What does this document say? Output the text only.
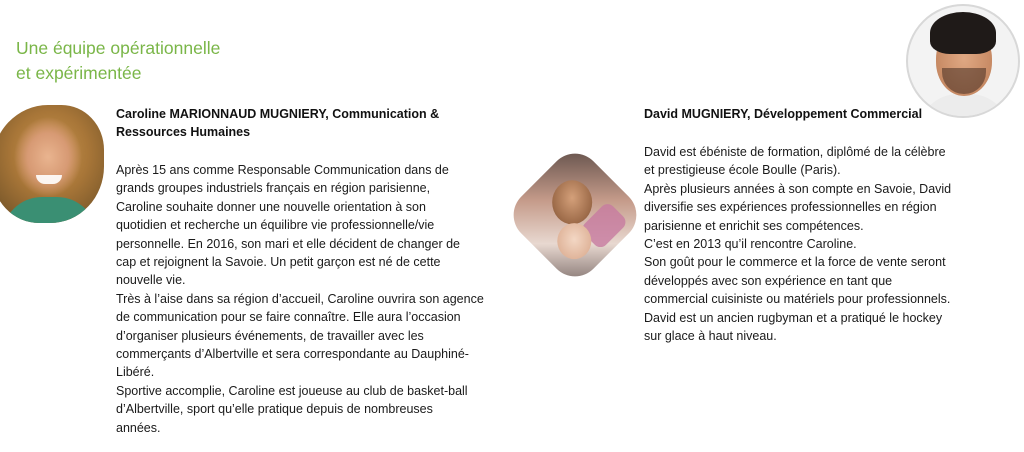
Une équipe opérationnelle
et expérimentée
Caroline MARIONNAUD MUGNIERY, Communication &
Ressources Humaines
Après 15 ans comme Responsable Communication dans de
grands groupes industriels français en région parisienne,
Caroline souhaite donner une nouvelle orientation à son
quotidien et recherche un équilibre vie professionnelle/vie
personnelle. En 2016, son mari et elle décident de changer de
cap et rejoignent la Savoie. Un petit garçon est né de cette
nouvelle vie.
Très à l’aise dans sa région d’accueil, Caroline ouvrira son agence
de communication pour se faire connaître. Elle aura l’occasion
d’organiser plusieurs événements, de travailler avec les
commerçants d’Albertville et sera correspondante au Dauphiné-
Libéré.
Sportive accomplie, Caroline est joueuse au club de basket-ball
d’Albertville, sport qu’elle pratique depuis de nombreuses
années.
David MUGNIERY, Développement Commercial
David est ébéniste de formation, diplômé de la célèbre
et prestigieuse école Boulle (Paris).
Après plusieurs années à son compte en Savoie, David
diversifie ses expériences professionnelles en région
parisienne et enrichit ses compétences.
C’est en 2013 qu’il rencontre Caroline.
Son goût pour le commerce et la force de vente seront
développés avec son expérience en tant que
commercial cuisiniste ou matériels pour professionnels.
David est un ancien rugbyman et a pratiqué le hockey
sur glace à haut niveau.
